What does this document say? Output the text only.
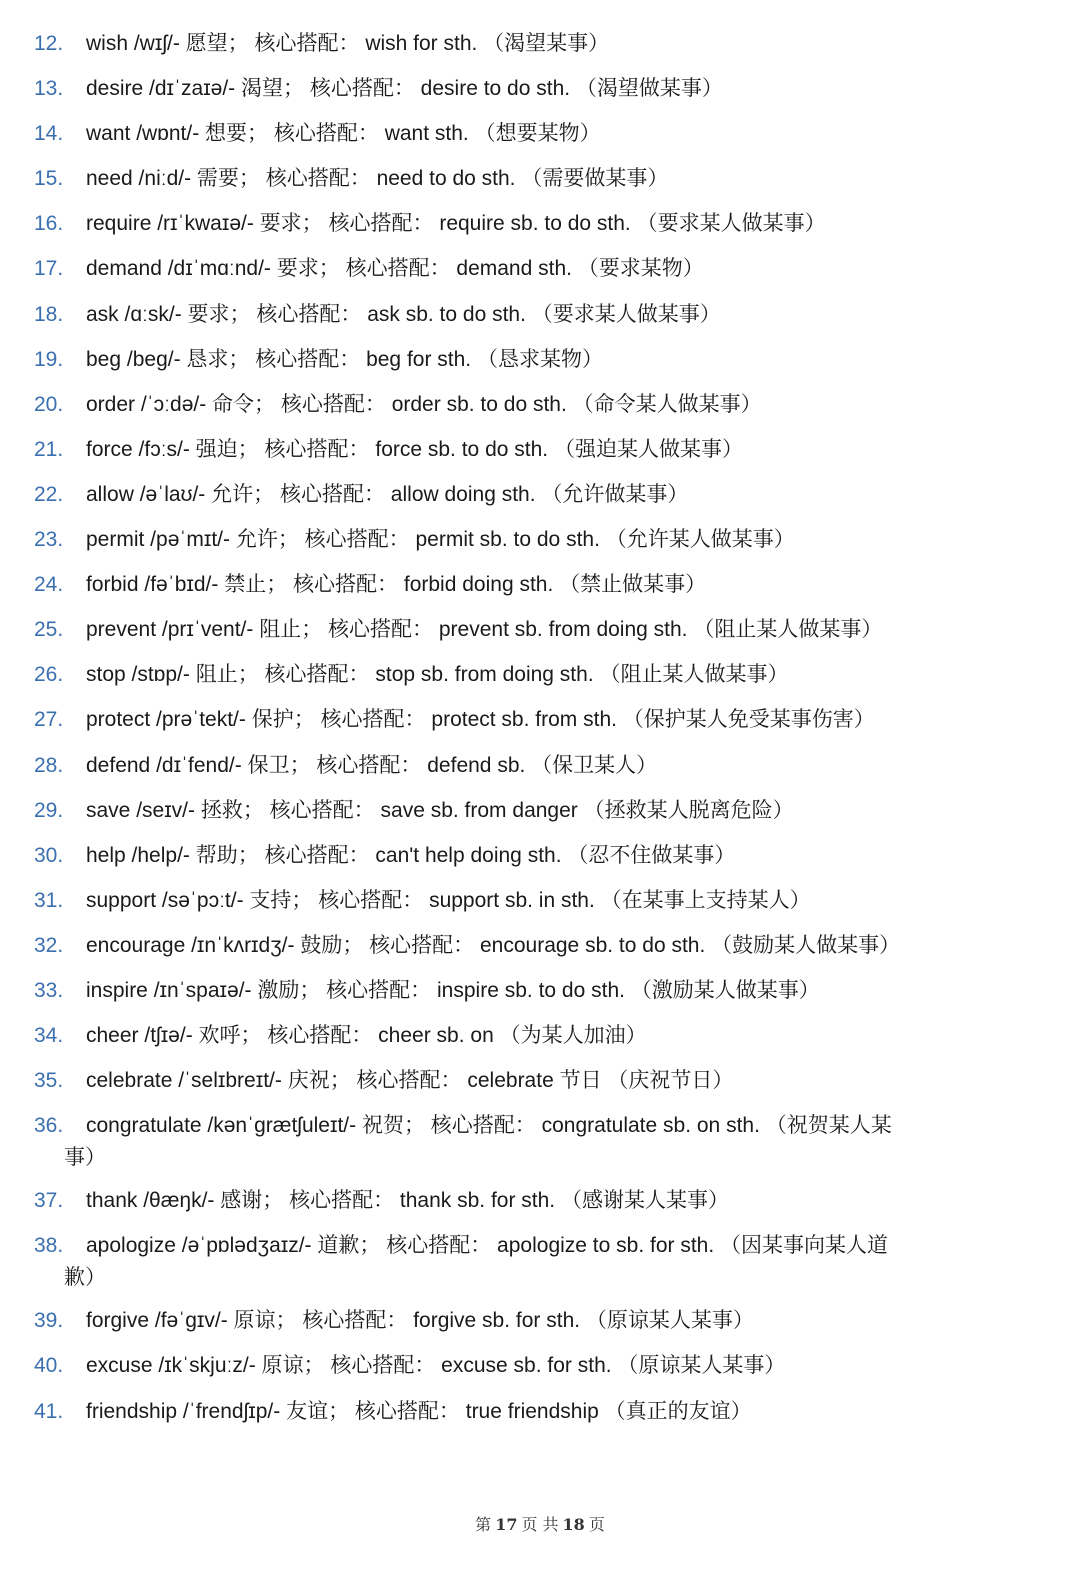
12. wish /wɪʃ/- 愿望； 核心搭配： wish for sth. （渴望某事）
13. desire /dɪˈzaɪə/- 渴望； 核心搭配： desire to do sth. （渴望做某事）
14. want /wɒnt/- 想要； 核心搭配： want sth. （想要某物）
15. need /niːd/- 需要； 核心搭配： need to do sth. （需要做某事）
16. require /rɪˈkwaɪə/- 要求； 核心搭配： require sb. to do sth. （要求某人做某事）
17. demand /dɪˈmɑːnd/- 要求； 核心搭配： demand sth. （要求某物）
18. ask /ɑːsk/- 要求； 核心搭配： ask sb. to do sth. （要求某人做某事）
19. beg /beg/- 恳求； 核心搭配： beg for sth. （恳求某物）
20. order /ˈɔːdə/- 命令； 核心搭配： order sb. to do sth. （命令某人做某事）
21. force /fɔːs/- 强迫； 核心搭配： force sb. to do sth. （强迫某人做某事）
22. allow /əˈlaʊ/- 允许； 核心搭配： allow doing sth. （允许做某事）
23. permit /pəˈmɪt/- 允许； 核心搭配： permit sb. to do sth. （允许某人做某事）
24. forbid /fəˈbɪd/- 禁止； 核心搭配： forbid doing sth. （禁止做某事）
25. prevent /prɪˈvent/- 阻止； 核心搭配： prevent sb. from doing sth. （阻止某人做某事）
26. stop /stɒp/- 阻止； 核心搭配： stop sb. from doing sth. （阻止某人做某事）
27. protect /prəˈtekt/- 保护； 核心搭配： protect sb. from sth. （保护某人免受某事伤害）
28. defend /dɪˈfend/- 保卫； 核心搭配： defend sb. （保卫某人）
29. save /seɪv/- 拯救； 核心搭配： save sb. from danger （拯救某人脱离危险）
30. help /help/- 帮助； 核心搭配： can't help doing sth. （忍不住做某事）
31. support /səˈpɔːt/- 支持； 核心搭配： support sb. in sth. （在某事上支持某人）
32. encourage /ɪnˈkʌrɪdʒ/- 鼓励； 核心搭配： encourage sb. to do sth. （鼓励某人做某事）
33. inspire /ɪnˈspaɪə/- 激励； 核心搭配： inspire sb. to do sth. （激励某人做某事）
34. cheer /tʃɪə/- 欢呼； 核心搭配： cheer sb. on （为某人加油）
35. celebrate /ˈselɪbreɪt/- 庆祝； 核心搭配： celebrate 节日 （庆祝节日）
36. congratulate /kənˈgrætʃuleɪt/- 祝贺； 核心搭配： congratulate sb. on sth. （祝贺某人某
事）
37. thank /θæŋk/- 感谢； 核心搭配： thank sb. for sth. （感谢某人某事）
38. apologize /əˈpɒlədʒaɪz/- 道歉； 核心搭配： apologize to sb. for sth. （因某事向某人道
歉）
39. forgive /fəˈgɪv/- 原谅； 核心搭配： forgive sb. for sth. （原谅某人某事）
40. excuse /ɪkˈskjuːz/- 原谅； 核心搭配： excuse sb. for sth. （原谅某人某事）
41. friendship /ˈfrendʃɪp/- 友谊； 核心搭配： true friendship （真正的友谊）
第 17 页 共 18 页
